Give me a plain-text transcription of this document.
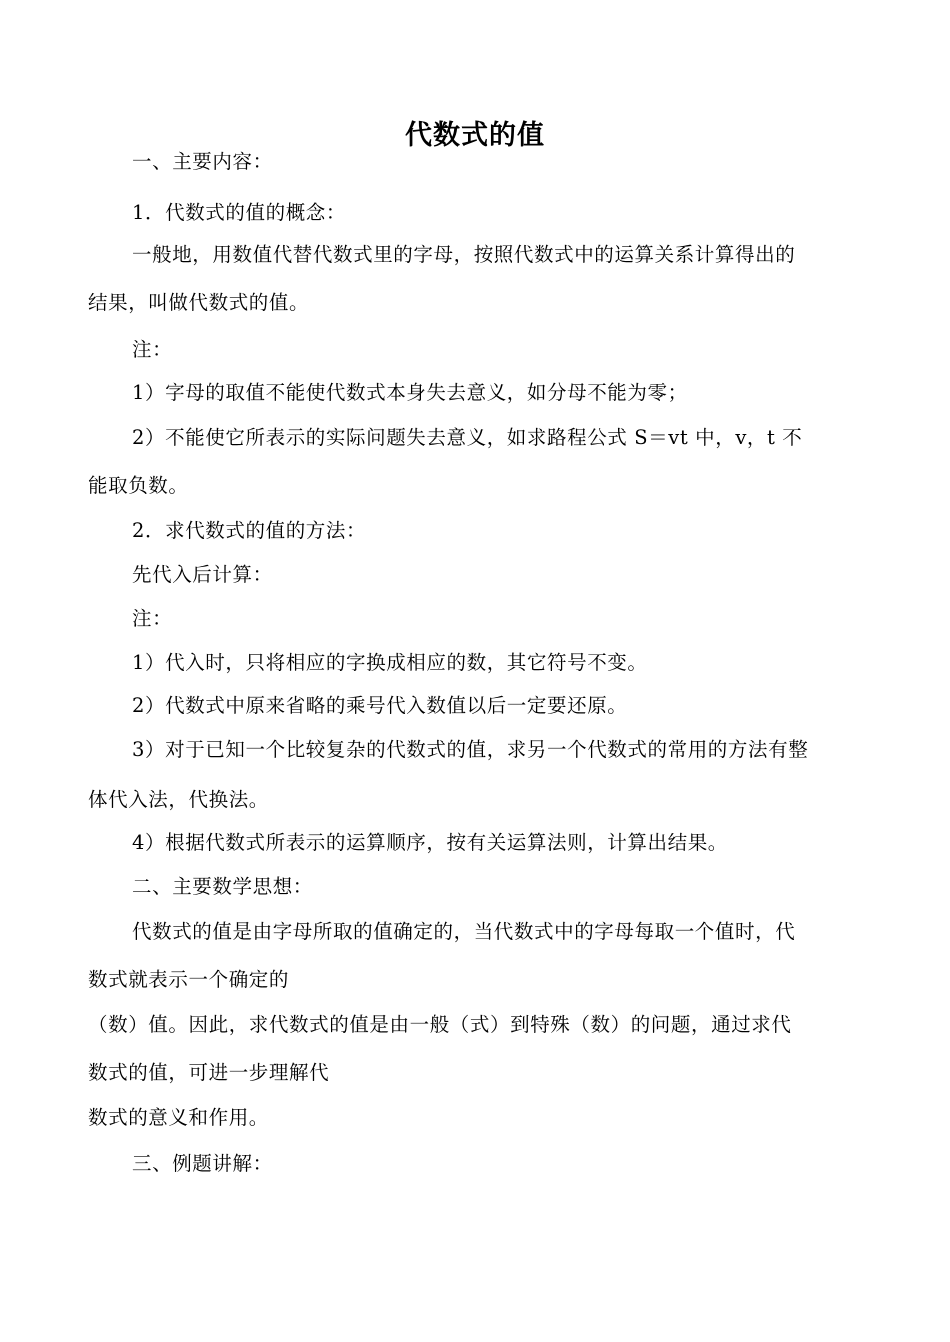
代数式的值
一、主要内容：
1．代数式的值的概念：
一般地，用数值代替代数式里的字母，按照代数式中的运算关系计算得出的
结果，叫做代数式的值。
注：
1）字母的取值不能使代数式本身失去意义，如分母不能为零；
2）不能使它所表示的实际问题失去意义，如求路程公式 S＝vt 中，v，t 不
能取负数。
2．求代数式的值的方法：
先代入后计算：
注：
1）代入时，只将相应的字换成相应的数，其它符号不变。
2）代数式中原来省略的乘号代入数值以后一定要还原。
3）对于已知一个比较复杂的代数式的值，求另一个代数式的常用的方法有整
体代入法，代换法。
4）根据代数式所表示的运算顺序，按有关运算法则，计算出结果。
二、主要数学思想：
代数式的值是由字母所取的值确定的，当代数式中的字母每取一个值时，代
数式就表示一个确定的
（数）值。因此，求代数式的值是由一般（式）到特殊（数）的问题，通过求代
数式的值，可进一步理解代
数式的意义和作用。
三、例题讲解：
